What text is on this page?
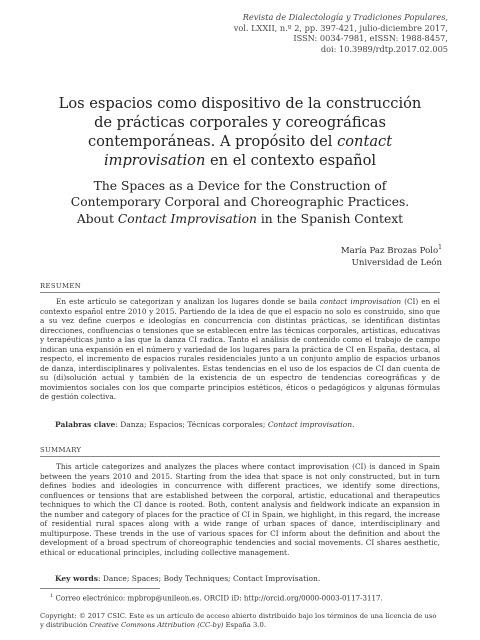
Revista de Dialectología y Tradiciones Populares,
vol. LXXII, n.º 2, pp. 397-421, julio-diciembre 2017,
ISSN: 0034-7981, eISSN: 1988-8457,
doi: 10.3989/rdtp.2017.02.005
Los espacios como dispositivo de la construcción
de prácticas corporales y coreográficas
contemporáneas. A propósito del contact
improvisation en el contexto español
The Spaces as a Device for the Construction of
Contemporary Corporal and Choreographic Practices.
About Contact Improvisation in the Spanish Context
María Paz Brozas Polo$^1$
Universidad de León
RESUMEN
En este artículo se categorizan y analizan los lugares donde se baila contact improvisation (CI) en el contexto español entre 2010 y 2015. Partiendo de la idea de que el espacio no solo es construido, sino que a su vez define cuerpos e ideologías en concurrencia con distintas prácticas, se identifican distintas direcciones, confluencias o tensiones que se establecen entre las técnicas corporales, artísticas, educativas y terapéuticas junto a las que la danza CI radica. Tanto el análisis de contenido como el trabajo de campo indican una expansión en el número y variedad de los lugares para la práctica de CI en España, destaca, al respecto, el incremento de espacios rurales residenciales junto a un conjunto amplio de espacios urbanos de danza, interdisciplinares y polivalentes. Estas tendencias en el uso de los espacios de CI dan cuenta de su (di)solución actual y también de la existencia de un espectro de tendencias coreográficas y de movimientos sociales con los que comparte principios estéticos, éticos o pedagógicos y algunas fórmulas de gestión colectiva.
Palabras clave: Danza; Espacios; Técnicas corporales; Contact improvisation.
SUMMARY
This article categorizes and analyzes the places where contact improvisation (CI) is danced in Spain between the years 2010 and 2015. Starting from the idea that space is not only constructed, but in turn defines bodies and ideologies in concurrence with different practices, we identify some directions, confluences or tensions that are established between the corporal, artistic, educational and therapeutics techniques to which the CI dance is rooted. Both, content analysis and fieldwork indicate an expansion in the number and category of places for the practice of CI in Spain, we highlight, in this regard, the increase of residential rural spaces along with a wide range of urban spaces of dance, interdisciplinary and multipurpose. These trends in the use of various spaces for CI inform about the definition and about the development of a broad spectrum of choreographic tendencies and social movements. CI shares aesthetic, ethical or educational principles, including collective management.
Key words: Dance; Spaces; Body Techniques; Contact Improvisation.
$^1$ Correo electrónico: mpbrop@unileon.es. ORCID iD: http://orcid.org/0000-0003-0117-3117.
Copyright: © 2017 CSIC. Este es un artículo de acceso abierto distribuido bajo los términos de una licencia de uso y distribución Creative Commons Attribution (CC-by) España 3.0.
